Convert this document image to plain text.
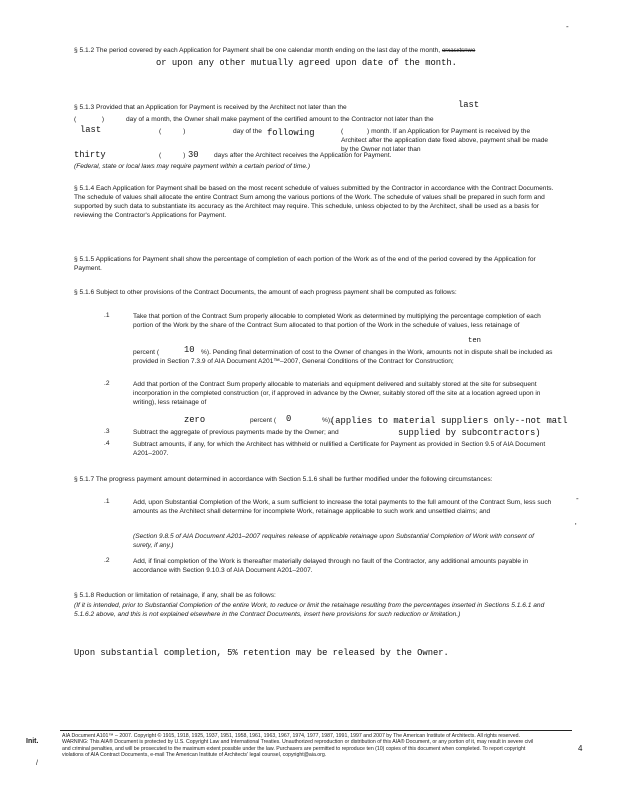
-
-
'
§ 5.1.2 The period covered by each Application for Payment shall be one calendar month ending on the last day of the month, orxasxtsnwe
or upon any other mutually agreed upon date of the month.
§ 5.1.3 Provided that an Application for Payment is received by the Architect not later than the	last
(              )	day of a month, the Owner shall make payment of the certified amount to the Contractor not later than the
(            )	day of the
last	following	(             ) month. If an Application for Payment is received by the Architect after the application date fixed above, payment shall be made by the Owner not later than
thirty	(            ) 30 days after the Architect receives the Application for Payment.
(Federal, state or local laws may require payment within a certain period of time.)
§ 5.1.4 Each Application for Payment shall be based on the most recent schedule of values submitted by the Contractor in accordance with the Contract Documents. The schedule of values shall allocate the entire Contract Sum among the various portions of the Work. The schedule of values shall be prepared in such form and supported by such data to substantiate its accuracy as the Architect may require. This schedule, unless objected to by the Architect, shall be used as a basis for reviewing the Contractor's Applications for Payment.
§ 5.1.5 Applications for Payment shall show the percentage of completion of each portion of the Work as of the end of the period covered by the Application for Payment.
§ 5.1.6 Subject to other provisions of the Contract Documents, the amount of each progress payment shall be computed as follows:
.1	Take that portion of the Contract Sum properly allocable to completed Work as determined by multiplying the percentage completion of each portion of the Work by the share of the Contract Sum allocated to that portion of the Work in the schedule of values, less retainage of
ten
percent (	%). Pending final determination of cost to the Owner of changes in the Work, amounts not in dispute shall be included as provided in Section 7.3.9 of AIA Document A201™–2007, General Conditions of the Contract for Construction;
10
.2	Add that portion of the Contract Sum properly allocable to materials and equipment delivered and suitably stored at the site for subsequent incorporation in the completed construction (or, if approved in advance by the Owner, suitably stored off the site at a location agreed upon in writing), less retainage of
zero	percent (	%);
0	(applies to material suppliers only--not matl
.3	Subtract the aggregate of previous payments made by the Owner; and	supplied by subcontractors)
.4	Subtract amounts, if any, for which the Architect has withheld or nullified a Certificate for Payment as provided in Section 9.5 of AIA Document A201–2007.
§ 5.1.7 The progress payment amount determined in accordance with Section 5.1.6 shall be further modified under the following circumstances:
.1	Add, upon Substantial Completion of the Work, a sum sufficient to increase the total payments to the full amount of the Contract Sum, less such amounts as the Architect shall determine for incomplete Work, retainage applicable to such work and unsettled claims; and
(Section 9.8.5 of AIA Document A201–2007 requires release of applicable retainage upon Substantial Completion of Work with consent of surety, if any.)
.2	Add, if final completion of the Work is thereafter materially delayed through no fault of the Contractor, any additional amounts payable in accordance with Section 9.10.3 of AIA Document A201–2007.
§ 5.1.8 Reduction or limitation of retainage, if any, shall be as follows:
(If it is intended, prior to Substantial Completion of the entire Work, to reduce or limit the retainage resulting from the percentages inserted in Sections 5.1.6.1 and 5.1.6.2 above, and this is not explained elsewhere in the Contract Documents, insert here provisions for such reduction or limitation.)
Upon substantial completion, 5% retention may be released by the Owner.
Init.
/
AIA Document A101™ – 2007. Copyright © 1915, 1918, 1925, 1937, 1951, 1958, 1961, 1963, 1967, 1974, 1977, 1987, 1991, 1997 and 2007 by The American Institute of Architects. All rights reserved. WARNING: This AIA® Document is protected by U.S. Copyright Law and International Treaties. Unauthorized reproduction or distribution of this AIA® Document, or any portion of it, may result in severe civil and criminal penalties, and will be prosecuted to the maximum extent possible under the law. Purchasers are permitted to reproduce ten (10) copies of this document when completed. To report copyright violations of AIA Contract Documents, e-mail The American Institute of Architects' legal counsel, copyright@aia.org.
4
